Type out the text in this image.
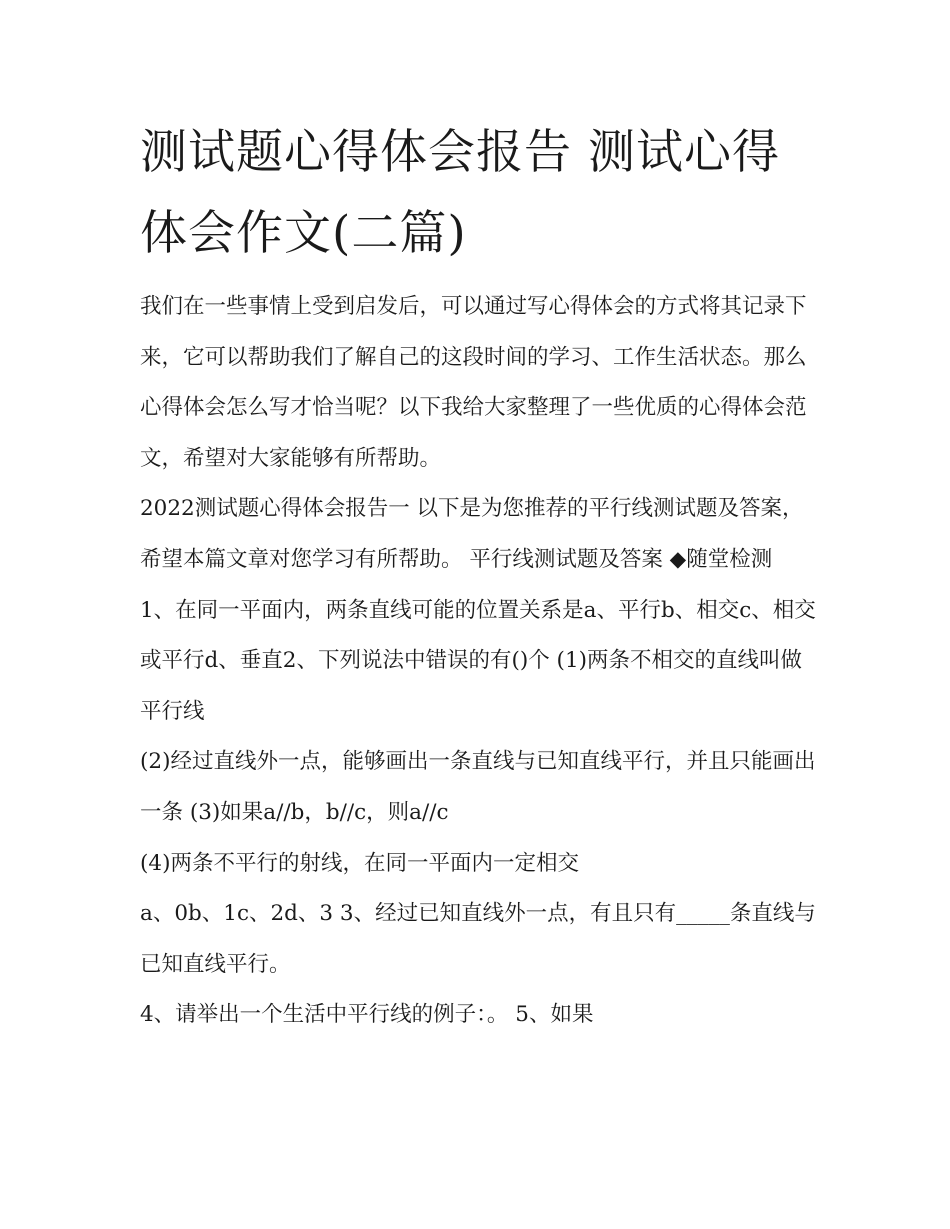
测试题心得体会报告 测试心得体会作文(二篇)

我们在一些事情上受到启发后，可以通过写心得体会的方式将其记录下来，它可以帮助我们了解自己的这段时间的学习、工作生活状态。那么心得体会怎么写才恰当呢？以下我给大家整理了一些优质的心得体会范文，希望对大家能够有所帮助。

2022测试题心得体会报告一 以下是为您推荐的平行线测试题及答案，希望本篇文章对您学习有所帮助。 平行线测试题及答案 ◆随堂检测

1、在同一平面内，两条直线可能的位置关系是a、平行b、相交c、相交或平行d、垂直2、下列说法中错误的有()个 (1)两条不相交的直线叫做平行线

(2)经过直线外一点，能够画出一条直线与已知直线平行，并且只能画出一条 (3)如果a//b，b//c，则a//c

(4)两条不平行的射线，在同一平面内一定相交

a、0b、1c、2d、3 3、经过已知直线外一点，有且只有_____条直线与已知直线平行。

4、请举出一个生活中平行线的例子：。 5、如果
